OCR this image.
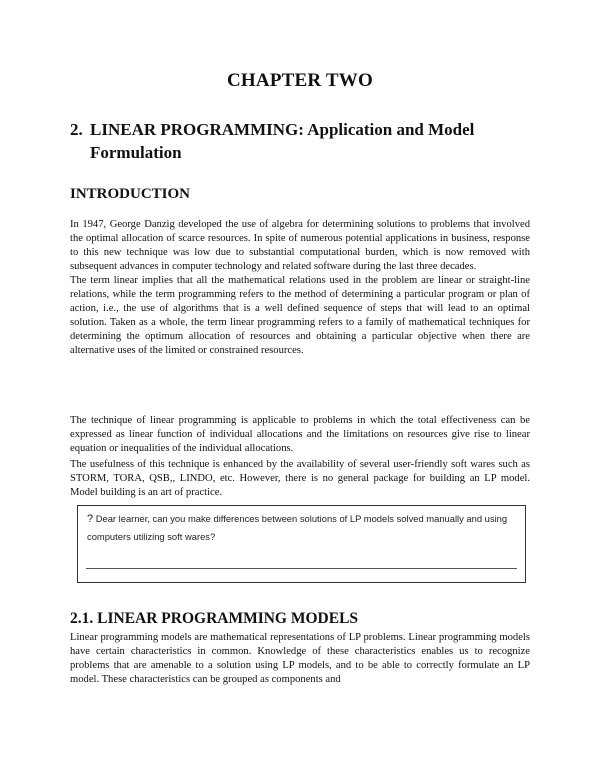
CHAPTER TWO
2. LINEAR PROGRAMMING: Application and Model
Formulation
INTRODUCTION

In 1947, George Danzig developed the use of algebra for determining solutions to problems that involved the optimal allocation of scarce resources. In spite of numerous potential applications in business, response to this new technique was low due to substantial computational burden, which is now removed with subsequent advances in computer technology and related software during the last three decades.

The term linear implies that all the mathematical relations used in the problem are linear or straight-line relations, while the term programming refers to the method of determining a particular program or plan of action, i.e., the use of algorithms that is a well defined sequence of steps that will lead to an optimal solution. Taken as a whole, the term linear programming refers to a family of mathematical techniques for determining the optimum allocation of resources and obtaining a particular objective when there are alternative uses of the limited or constrained resources.

The technique of linear programming is applicable to problems in which the total effectiveness can be expressed as linear function of individual allocations and the limitations on resources give rise to linear equation or inequalities of the individual allocations.

The usefulness of this technique is enhanced by the availability of several user-friendly soft wares such as STORM, TORA, QSB,, LINDO, etc. However, there is no general package for building an LP model. Model building is an art of practice.

? Dear learner, can you make differences between solutions of LP models solved manually and using computers utilizing soft wares?
2.1. LINEAR PROGRAMMING MODELS

Linear programming models are mathematical representations of LP problems. Linear programming models have certain characteristics in common. Knowledge of these characteristics enables us to recognize problems that are amenable to a solution using LP models, and to be able to correctly formulate an LP model. These characteristics can be grouped as components and
